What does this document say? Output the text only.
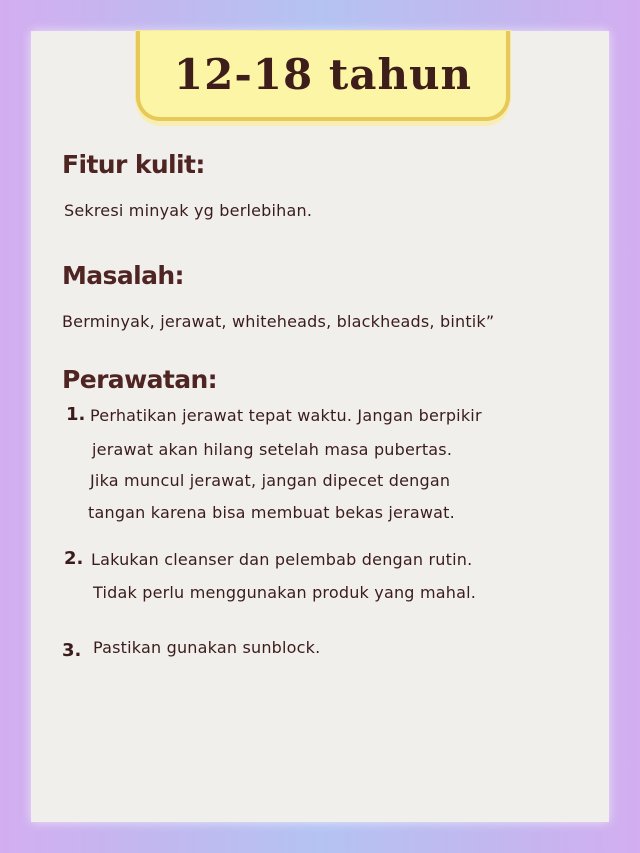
12-18 tahun
Fitur kulit:
Sekresi minyak yg berlebihan.
Masalah:
Berminyak, jerawat, whiteheads, blackheads, bintik”
Perawatan:
1. Perhatikan jerawat tepat waktu. Jangan berpikir
jerawat akan hilang setelah masa pubertas.
Jika muncul jerawat, jangan dipecet dengan
tangan karena bisa membuat bekas jerawat.
2. Lakukan cleanser dan pelembab dengan rutin.
Tidak perlu menggunakan produk yang mahal.
3. Pastikan gunakan sunblock.
